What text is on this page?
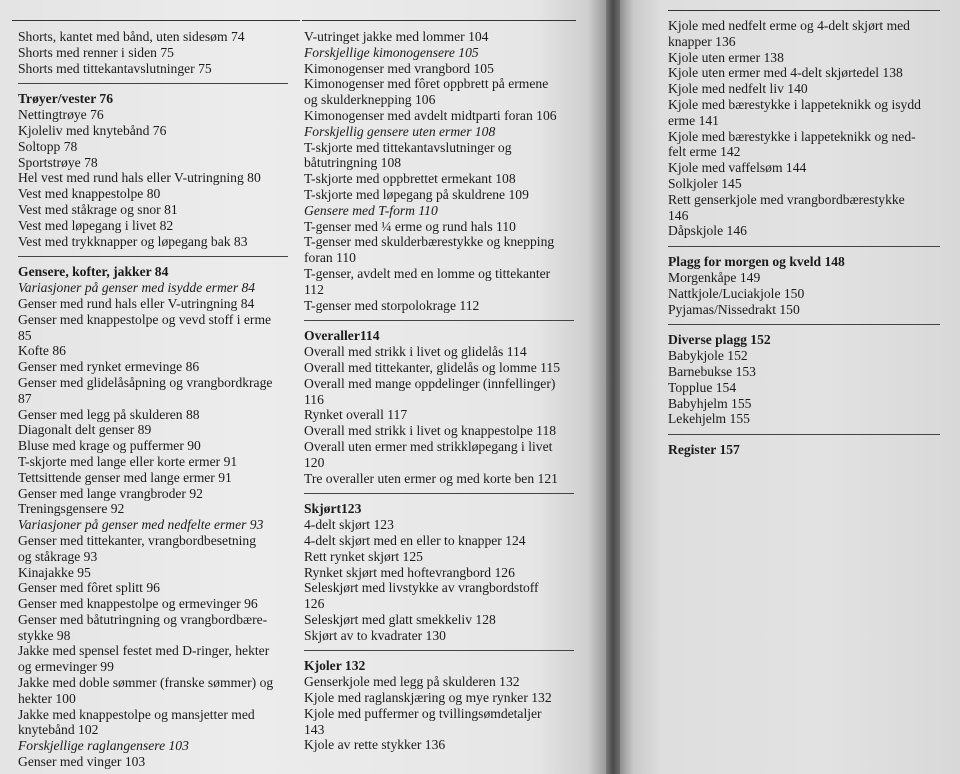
Shorts, kantet med bånd, uten sidesøm 74
Shorts med renner i siden 75
Shorts med tittekantavslutninger 75
Trøyer/vester 76
Nettingtrøye 76
Kjoleliv med knytebånd 76
Soltopp 78
Sportstrøye 78
Hel vest med rund hals eller V-utringning 80
Vest med knappestolpe 80
Vest med ståkrage og snor 81
Vest med løpegang i livet 82
Vest med trykknapper og løpegang bak 83
Gensere, kofter, jakker 84
Variasjoner på genser med isydde ermer 84
Genser med rund hals eller V-utringning 84
Genser med knappestolpe og vevd stoff i erme
85
Kofte 86
Genser med rynket ermevinge 86
Genser med glidelåsåpning og vrangbordkrage
87
Genser med legg på skulderen 88
Diagonalt delt genser 89
Bluse med krage og puffermer 90
T-skjorte med lange eller korte ermer 91
Tettsittende genser med lange ermer 91
Genser med lange vrangbroder 92
Treningsgensere 92
Variasjoner på genser med nedfelte ermer 93
Genser med tittekanter, vrangbordbesetning
og ståkrage 93
Kinajakke 95
Genser med fôret splitt 96
Genser med knappestolpe og ermevinger 96
Genser med båtutringning og vrangbordbære-
stykke 98
Jakke med spensel festet med D-ringer, hekter
og ermevinger 99
Jakke med doble sømmer (franske sømmer) og
hekter 100
Jakke med knappestolpe og mansjetter med
knytebånd 102
Forskjellige raglangensere 103
Genser med vinger 103
V-utringet jakke med lommer 104
Forskjellige kimonogensere 105
Kimonogenser med vrangbord 105
Kimonogenser med fôret oppbrett på ermene
og skulderknepping 106
Kimonogenser med avdelt midtparti foran 106
Forskjellig gensere uten ermer 108
T-skjorte med tittekantavslutninger og
båtutringning 108
T-skjorte med oppbrettet ermekant 108
T-skjorte med løpegang på skuldrene 109
Gensere med T-form 110
T-genser med ¼ erme og rund hals 110
T-genser med skulderbærestykke og knepping
foran 110
T-genser, avdelt med en lomme og tittekanter
112
T-genser med storpolokrage 112
Overaller114
Overall med strikk i livet og glidelås 114
Overall med tittekanter, glidelås og lomme 115
Overall med mange oppdelinger (innfellinger)
116
Rynket overall 117
Overall med strikk i livet og knappestolpe 118
Overall uten ermer med strikkløpegang i livet
120
Tre overaller uten ermer og med korte ben 121
Skjørt123
4-delt skjørt 123
4-delt skjørt med en eller to knapper 124
Rett rynket skjørt 125
Rynket skjørt med hoftevrangbord 126
Seleskjørt med livstykke av vrangbordstoff
126
Seleskjørt med glatt smekkeliv 128
Skjørt av to kvadrater 130
Kjoler 132
Genserkjole med legg på skulderen 132
Kjole med raglanskjæring og mye rynker 132
Kjole med puffermer og tvillingsømdetaljer
143
Kjole av rette stykker 136
Kjole med nedfelt erme og 4-delt skjørt med
knapper 136
Kjole uten ermer 138
Kjole uten ermer med 4-delt skjørtedel 138
Kjole med nedfelt liv 140
Kjole med bærestykke i lappeteknikk og isydd
erme 141
Kjole med bærestykke i lappeteknikk og ned-
felt erme 142
Kjole med vaffelsøm 144
Solkjoler 145
Rett genserkjole med vrangbordbærestykke
146
Dåpskjole 146
Plagg for morgen og kveld 148
Morgenkåpe 149
Nattkjole/Luciakjole 150
Pyjamas/Nissedrakt 150
Diverse plagg 152
Babykjole 152
Barnebukse 153
Topplue 154
Babyhjelm 155
Lekehjelm 155
Register 157
